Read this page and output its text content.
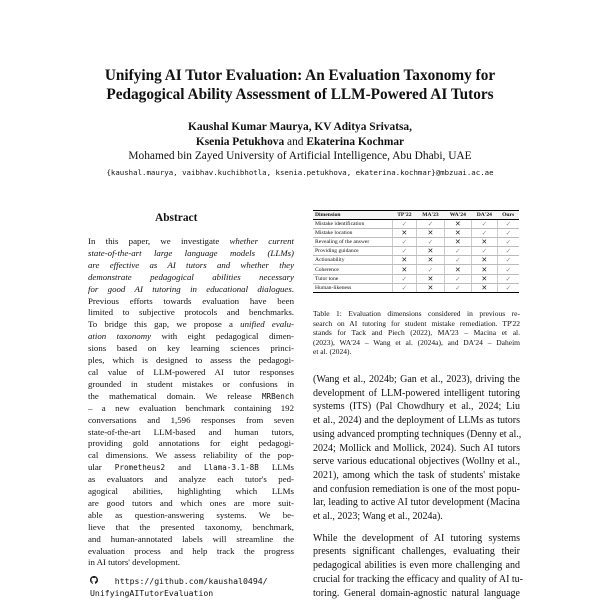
Unifying AI Tutor Evaluation: An Evaluation Taxonomy for
Pedagogical Ability Assessment of LLM-Powered AI Tutors
Kaushal Kumar Maurya, KV Aditya Srivatsa,
Ksenia Petukhova and Ekaterina Kochmar
Mohamed bin Zayed University of Artificial Intelligence, Abu Dhabi, UAE
{kaushal.maurya, vaibhav.kuchibhotla, ksenia.petukhova, ekaterina.kochmar}@mbzuai.ac.ae
Abstract
In this paper, we investigate whether current
state-of-the-art large language models (LLMs)
are effective as AI tutors and whether they
demonstrate pedagogical abilities necessary
for good AI tutoring in educational dialogues.
Previous efforts towards evaluation have been
limited to subjective protocols and benchmarks.
To bridge this gap, we propose a unified evalu-
ation taxonomy with eight pedagogical dimen-
sions based on key learning sciences princi-
ples, which is designed to assess the pedagogi-
cal value of LLM-powered AI tutor responses
grounded in student mistakes or confusions in
the mathematical domain. We release MRBench
– a new evaluation benchmark containing 192
conversations and 1,596 responses from seven
state-of-the-art LLM-based and human tutors,
providing gold annotations for eight pedagogi-
cal dimensions. We assess reliability of the pop-
ular Prometheus2 and Llama-3.1-8B LLMs
as evaluators and analyze each tutor's ped-
agogical abilities, highlighting which LLMs
are good tutors and which ones are more suit-
able as question-answering systems. We be-
lieve that the presented taxonomy, benchmark,
and human-annotated labels will streamline the
evaluation process and help track the progress
in AI tutors' development.
https://github.com/kaushal0494/
UnifyingAITutorEvaluation
Dimension	TP'22	MA'23	WA'24	DA'24	Ours
Mistake identification	✓	✓	✕	✓	✓
Mistake location	✕	✕	✕	✓	✓
Revealing of the answer	✓	✓	✕	✕	✓
Providing guidance	✓	✕	✓	✓	✓
Actionability	✕	✕	✓	✕	✓
Coherence	✕	✓	✕	✕	✓
Tutor tone	✓	✕	✓	✕	✓
Human-likeness	✓	✕	✓	✕	✓
Table 1: Evaluation dimensions considered in previous re-
search on AI tutoring for student mistake remediation. TP'22
stands for Tack and Piech (2022), MA'23 – Macina et al.
(2023), WA'24 – Wang et al. (2024a), and DA'24 – Daheim
et al. (2024).
(Wang et al., 2024b; Gan et al., 2023), driving the
development of LLM-powered intelligent tutoring
systems (ITS) (Pal Chowdhury et al., 2024; Liu
et al., 2024) and the deployment of LLMs as tutors
using advanced prompting techniques (Denny et al.,
2024; Mollick and Mollick, 2024). Such AI tutors
serve various educational objectives (Wollny et al.,
2021), among which the task of students' mistake
and confusion remediation is one of the most popu-
lar, leading to active AI tutor development (Macina
et al., 2023; Wang et al., 2024a).
While the development of AI tutoring systems
presents significant challenges, evaluating their
pedagogical abilities is even more challenging and
crucial for tracking the efficacy and quality of AI tu-
toring. General domain-agnostic natural language
